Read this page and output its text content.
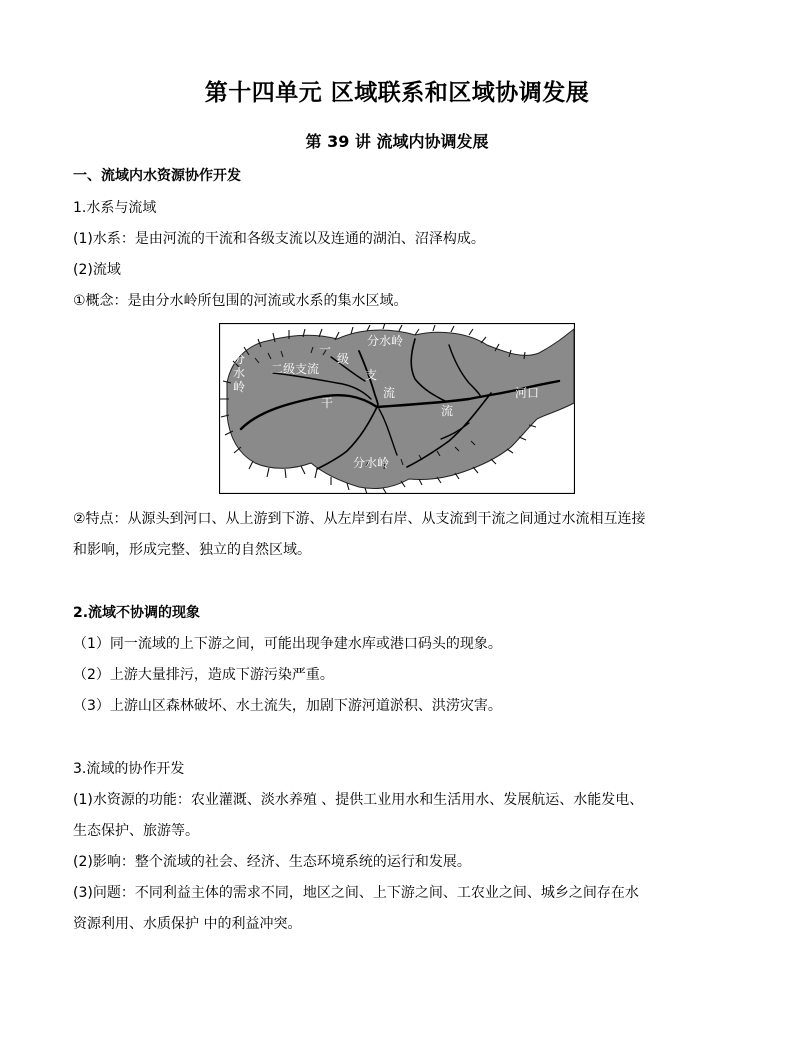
第十四单元 区域联系和区域协调发展
第 39 讲 流域内协调发展
一、流域内水资源协作开发
1.水系与流域
(1)水系：是由河流的干流和各级支流以及连通的湖泊、沼泽构成。
(2)流域
①概念：是由分水岭所包围的河流或水系的集水区域。
分
水
岭
分水岭
分水岭
一
级
二级支流	支
流
干
流
河口
②特点：从源头到河口、从上游到下游、从左岸到右岸、从支流到干流之间通过水流相互连接
和影响，形成完整、独立的自然区域。
2.流域不协调的现象
（1）同一流域的上下游之间，可能出现争建水库或港口码头的现象。
（2）上游大量排污，造成下游污染严重。
（3）上游山区森林破坏、水土流失，加剧下游河道淤积、洪涝灾害。
3.流域的协作开发
(1)水资源的功能：农业灌溉、淡水养殖 、提供工业用水和生活用水、发展航运、水能发电、
生态保护、旅游等。
(2)影响：整个流域的社会、经济、生态环境系统的运行和发展。
(3)问题：不同利益主体的需求不同，地区之间、上下游之间、工农业之间、城乡之间存在水
资源利用、水质保护 中的利益冲突。
